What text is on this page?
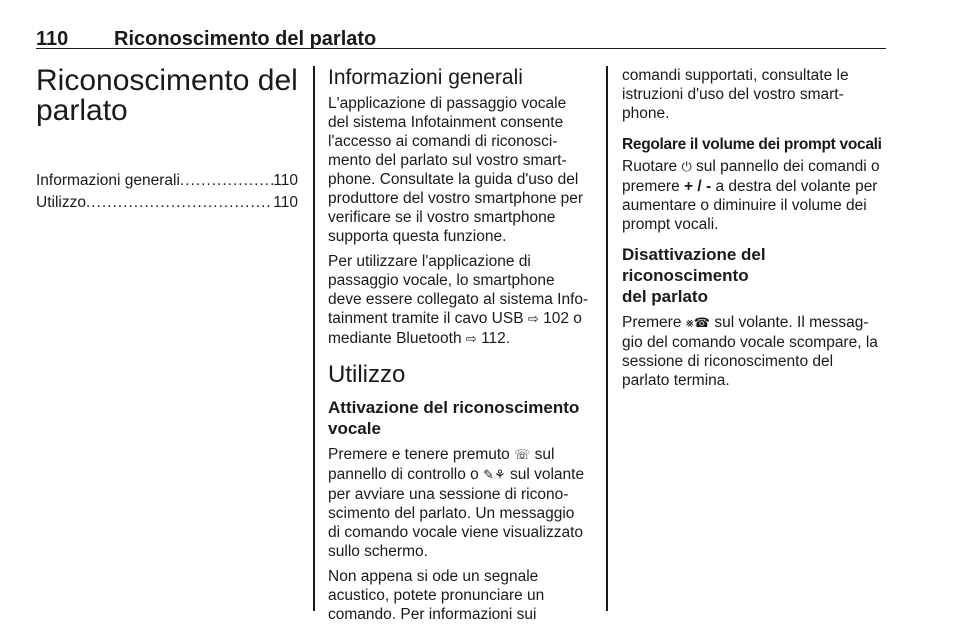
110 Riconoscimento del parlato
Riconoscimento del
parlato
Informazioni generali .....	110
Utilizzo .....	110
Informazioni generali

L'applicazione di passaggio vocale
del sistema Infotainment consente
l'accesso ai comandi di riconosci-
mento del parlato sul vostro smart-
phone. Consultate la guida d'uso del
produttore del vostro smartphone per
verificare se il vostro smartphone
supporta questa funzione.

Per utilizzare l'applicazione di
passaggio vocale, lo smartphone
deve essere collegato al sistema Info-
tainment tramite il cavo USB ⇨ 102 o
mediante Bluetooth ⇨ 112.

Utilizzo
Attivazione del riconoscimento
vocale

Premere e tenere premuto ☏ sul
pannello di controllo o ✎⚘ sul volante
per avviare una sessione di ricono-
scimento del parlato. Un messaggio
di comando vocale viene visualizzato
sullo schermo.

Non appena si ode un segnale
acustico, potete pronunciare un
comando. Per informazioni sui

comandi supportati, consultate le
istruzioni d'uso del vostro smart-
phone.

Regolare il volume dei prompt vocali

Ruotare ⏻ sul pannello dei comandi o
premere + / - a destra del volante per
aumentare o diminuire il volume dei
prompt vocali.

Disattivazione del riconoscimento
del parlato

Premere ⨳☎ sul volante. Il messag-
gio del comando vocale scompare, la
sessione di riconoscimento del
parlato termina.
